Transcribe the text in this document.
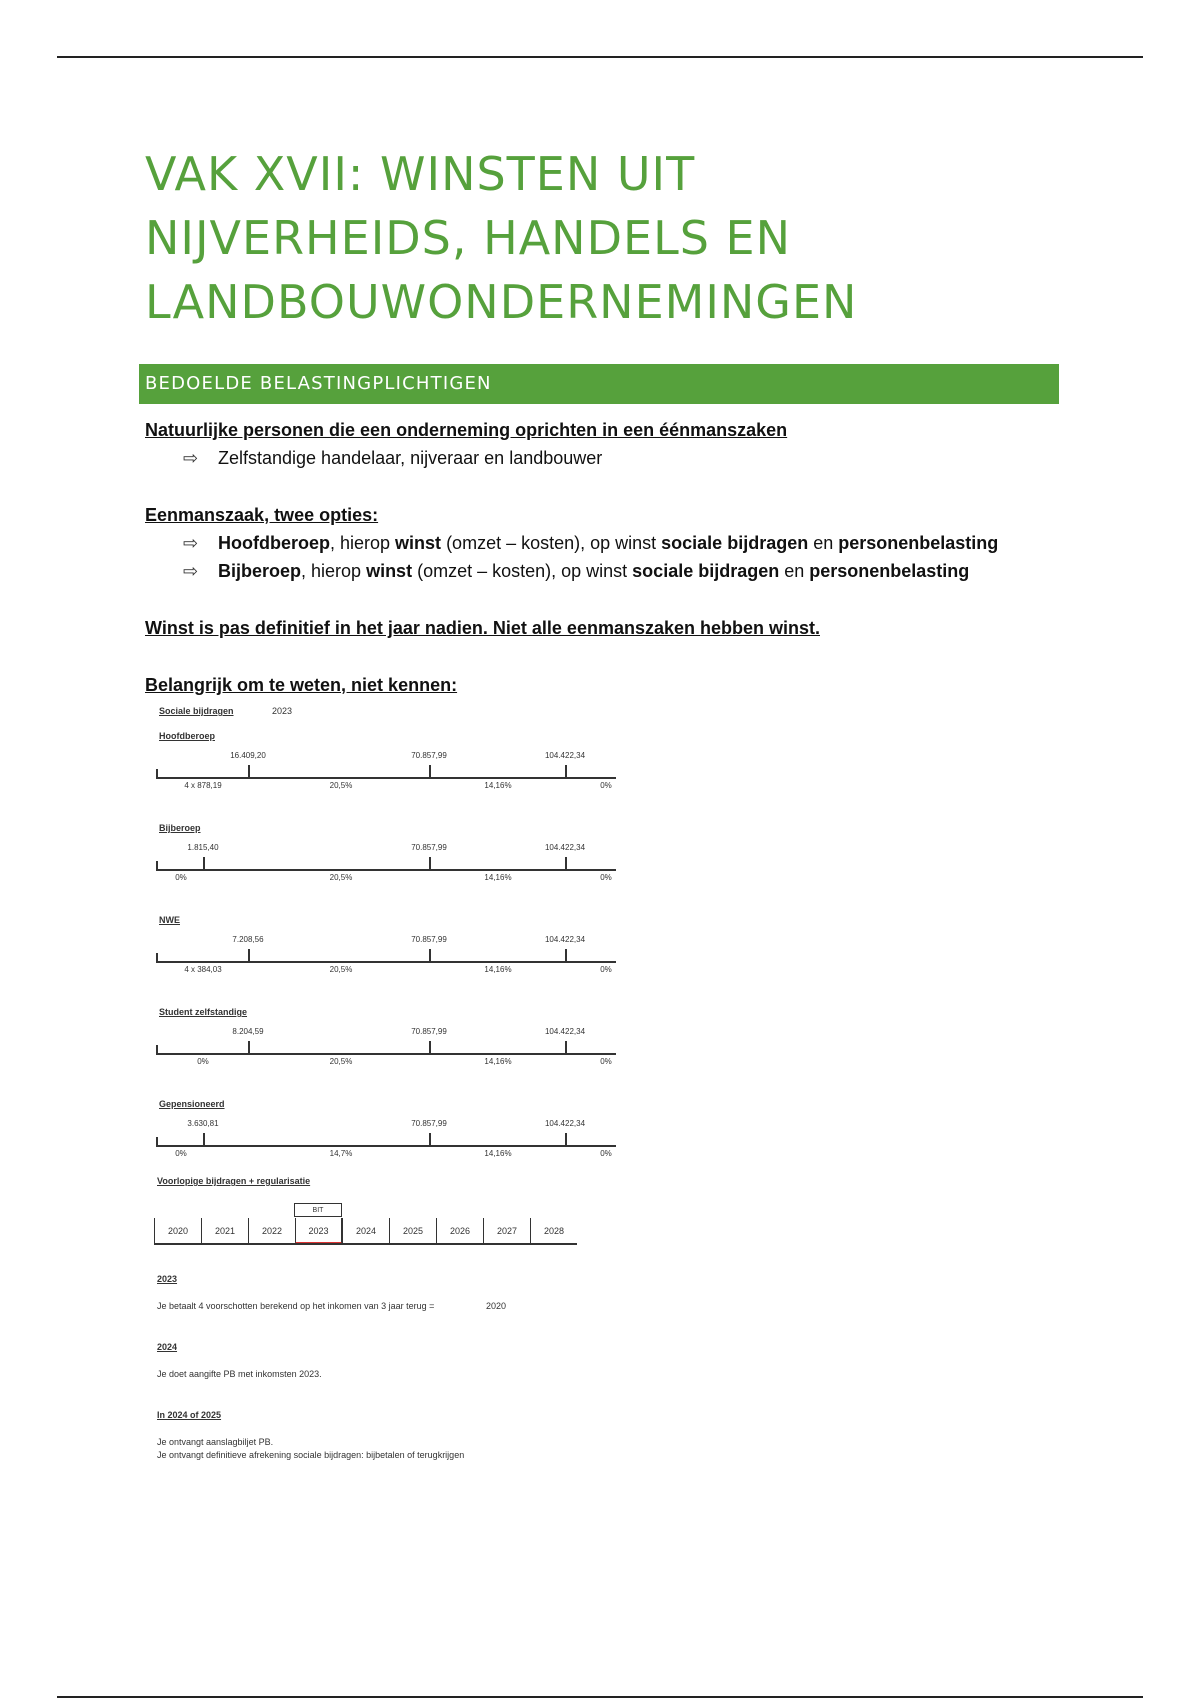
VAK XVII: WINSTEN UIT
NIJVERHEIDS, HANDELS EN
LANDBOUWONDERNEMINGEN
BEDOELDE BELASTINGPLICHTIGEN
Natuurlijke personen die een onderneming oprichten in een éénmanszaken
⇨ Zelfstandige handelaar, nijveraar en landbouwer
Eenmanszaak, twee opties:
⇨ Hoofdberoep, hierop winst (omzet – kosten), op winst sociale bijdragen en personenbelasting
⇨ Bijberoep, hierop winst (omzet – kosten), op winst sociale bijdragen en personenbelasting
Winst is pas definitief in het jaar nadien. Niet alle eenmanszaken hebben winst.
Belangrijk om te weten, niet kennen:
Sociale bijdragen	2023
Hoofdberoep
16.409,20	70.857,99	104.422,34
4 x 878,19	20,5%	14,16%	0%
Bijberoep
1.815,40	70.857,99	104.422,34
0%	20,5%	14,16%	0%
NWE
7.208,56	70.857,99	104.422,34
4 x 384,03	20,5%	14,16%	0%
Student zelfstandige
8.204,59	70.857,99	104.422,34
0%	20,5%	14,16%	0%
Gepensioneerd
3.630,81	70.857,99	104.422,34
0%	14,7%	14,16%	0%
Voorlopige bijdragen + regularisatie
BIT
2020	2021	2022	2023	2024	2025	2026	2027	2028
2023
Je betaalt 4 voorschotten berekend op het inkomen van 3 jaar terug =	2020
2024
Je doet aangifte PB met inkomsten 2023.
In 2024 of 2025
Je ontvangt aanslagbiljet PB.
Je ontvangt definitieve afrekening sociale bijdragen: bijbetalen of terugkrijgen
